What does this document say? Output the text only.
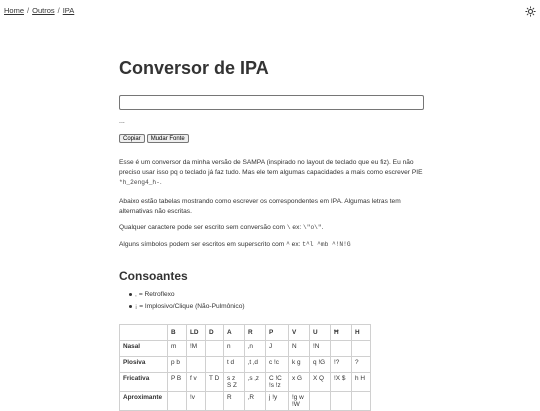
Home / Outros / IPA
Conversor de IPA
...
Copiar	Mudar Fonte

Esse é um conversor da minha versão de SAMPA (inspirado no layout de teclado que eu fiz). Eu não preciso usar isso pq o teclado já faz tudo. Mas ele tem algumas capacidades a mais como escrever PIE *h_2eng4_h-.

Abaixo estão tabelas mostrando como escrever os correspondentes em IPA. Algumas letras tem alternativas não escritas.

Qualquer caractere pode ser escrito sem conversão com \ ex: \"o\".

Alguns símbolos podem ser escritos em superscrito com ^ ex: t^l ^mb ^!N!G

Consoantes
, = Retroflexo
¡ = Implosivo/Clique (Não-Pulmônico)
	B	LD	D	A	R	P	V	U	Ħ	H
Nasal	m	!M		n	‚n	J	N	!N		
Plosiva	p b			t d	‚t ‚d	c !c	k g	q !G	!?	?
Fricativa	P B	f v	T D	s z S Z	‚s ‚z	C !C !s !z	x G	X Q	!X $	h H
Aproximante		!v		R	‚R	j !y	!g w !W			
